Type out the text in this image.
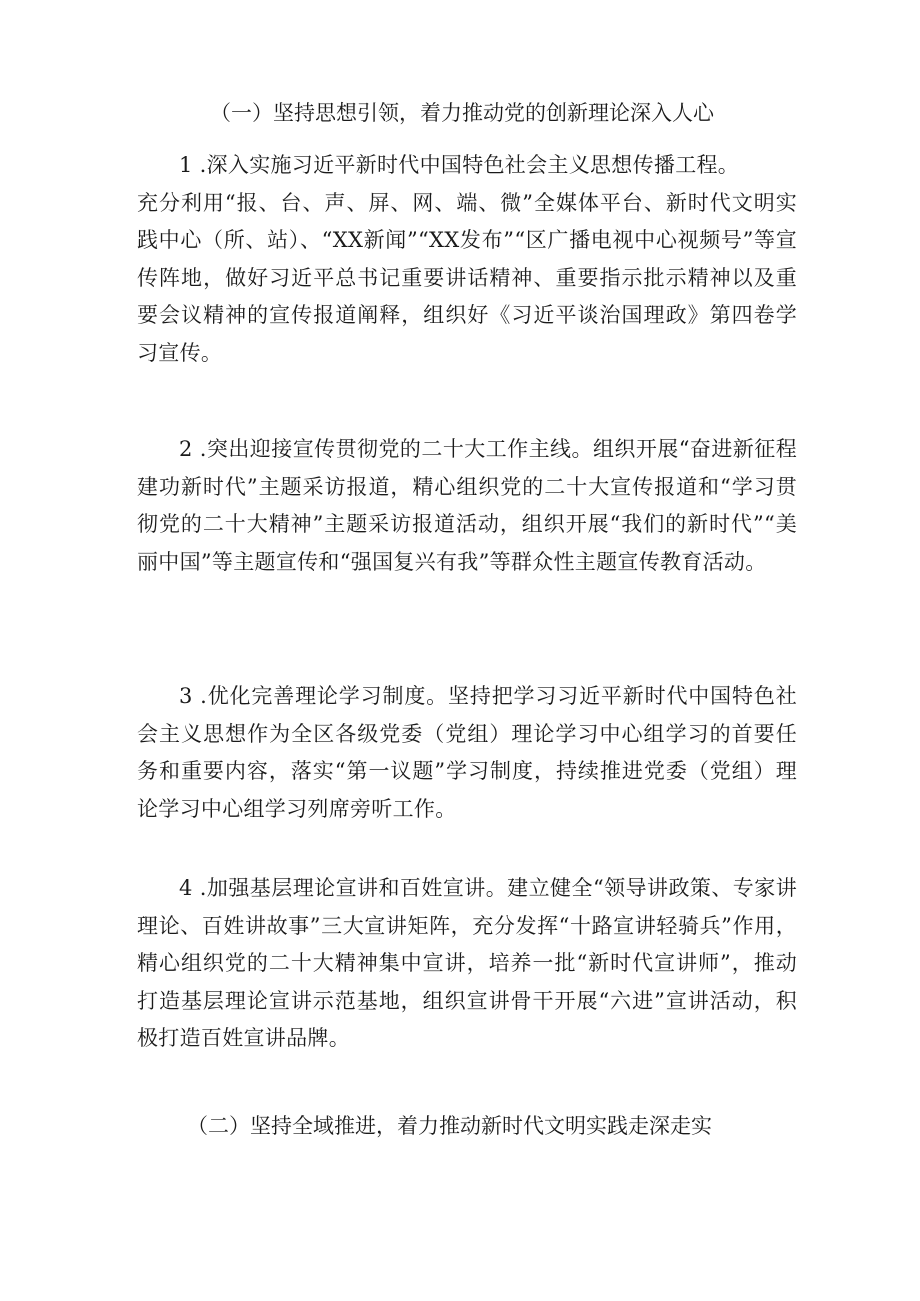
（一）坚持思想引领，着力推动党的创新理论深入人心

1 .深入实施习近平新时代中国特色社会主义思想传播工程。

充分利用“报、台、声、屏、网、端、微”全媒体平台、新时代文明实践中心（所、站）、“XX新闻”“XX发布”“区广播电视中心视频号”等宣传阵地，做好习近平总书记重要讲话精神、重要指示批示精神以及重要会议精神的宣传报道阐释，组织好《习近平谈治国理政》第四卷学习宣传。

2 .突出迎接宣传贯彻党的二十大工作主线。组织开展“奋进新征程建功新时代”主题采访报道，精心组织党的二十大宣传报道和“学习贯彻党的二十大精神”主题采访报道活动，组织开展“我们的新时代”“美丽中国”等主题宣传和“强国复兴有我”等群众性主题宣传教育活动。

3 .优化完善理论学习制度。坚持把学习习近平新时代中国特色社会主义思想作为全区各级党委（党组）理论学习中心组学习的首要任务和重要内容，落实“第一议题”学习制度，持续推进党委（党组）理论学习中心组学习列席旁听工作。

4 .加强基层理论宣讲和百姓宣讲。建立健全“领导讲政策、专家讲理论、百姓讲故事”三大宣讲矩阵，充分发挥“十路宣讲轻骑兵”作用，精心组织党的二十大精神集中宣讲，培养一批“新时代宣讲师”，推动打造基层理论宣讲示范基地，组织宣讲骨干开展“六进”宣讲活动，积极打造百姓宣讲品牌。

（二）坚持全域推进，着力推动新时代文明实践走深走实
